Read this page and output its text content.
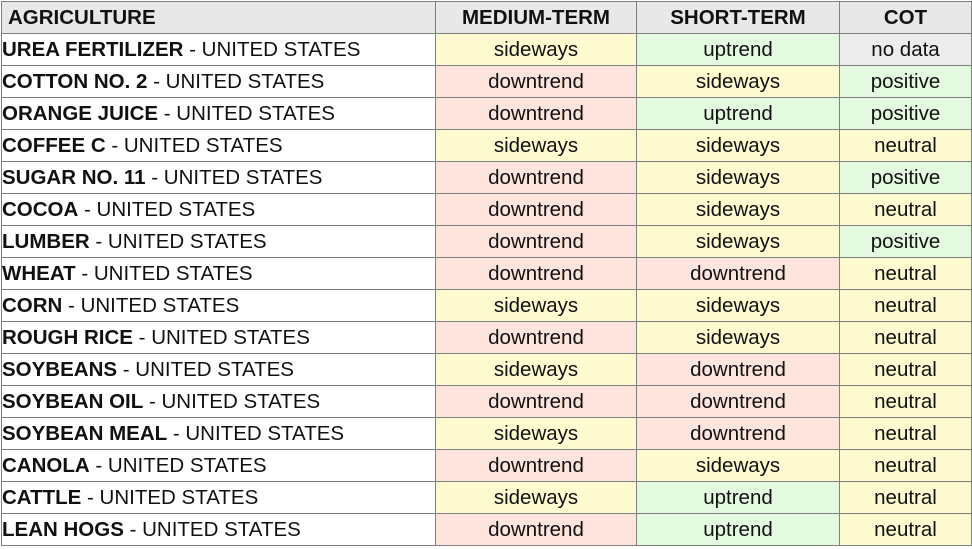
AGRICULTURE	MEDIUM-TERM	SHORT-TERM	COT
UREA FERTILIZER - UNITED STATES	sideways	uptrend	no data
COTTON NO. 2 - UNITED STATES	downtrend	sideways	positive
ORANGE JUICE - UNITED STATES	downtrend	uptrend	positive
COFFEE C - UNITED STATES	sideways	sideways	neutral
SUGAR NO. 11 - UNITED STATES	downtrend	sideways	positive
COCOA - UNITED STATES	downtrend	sideways	neutral
LUMBER - UNITED STATES	downtrend	sideways	positive
WHEAT - UNITED STATES	downtrend	downtrend	neutral
CORN - UNITED STATES	sideways	sideways	neutral
ROUGH RICE - UNITED STATES	downtrend	sideways	neutral
SOYBEANS - UNITED STATES	sideways	downtrend	neutral
SOYBEAN OIL - UNITED STATES	downtrend	downtrend	neutral
SOYBEAN MEAL - UNITED STATES	sideways	downtrend	neutral
CANOLA - UNITED STATES	downtrend	sideways	neutral
CATTLE - UNITED STATES	sideways	uptrend	neutral
LEAN HOGS - UNITED STATES	downtrend	uptrend	neutral
